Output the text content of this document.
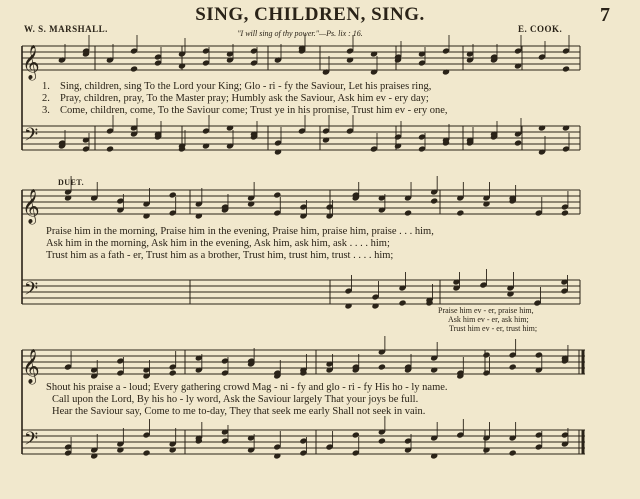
SING, CHILDREN, SING.	7
W. S. MARSHALL.	E. COOK.
"I will sing of thy power."—Ps. lix : 16.
𝄞
𝄢
𝄞
𝄢
𝄞
𝄢
1. Sing, children, sing To the Lord your King; Glo - ri - fy the Saviour, Let his praises ring,
2. Pray, children, pray, To the Master pray; Humbly ask the Saviour, Ask him ev - ery day;
3. Come, children, come, To the Saviour come; Trust ye in his promise, Trust him ev - ery one,
DUET.
Praise him in the morning, Praise him in the evening, Praise him, praise him, praise . . . him,
Ask him in the morning, Ask him in the evening, Ask him, ask him, ask . . . . him;
Trust him as a fath - er, Trust him as a brother, Trust him, trust him, trust . . . . him;
Praise him ev - er, praise him,
Ask him ev - er, ask him;
Trust him ev - er, trust him;
Shout his praise a - loud; Every gathering crowd Mag - ni - fy and glo - ri - fy His ho - ly name.
Call upon the Lord, By his ho - ly word, Ask the Saviour largely That your joys be full.
Hear the Saviour say, Come to me to-day, They that seek me early Shall not seek in vain.
